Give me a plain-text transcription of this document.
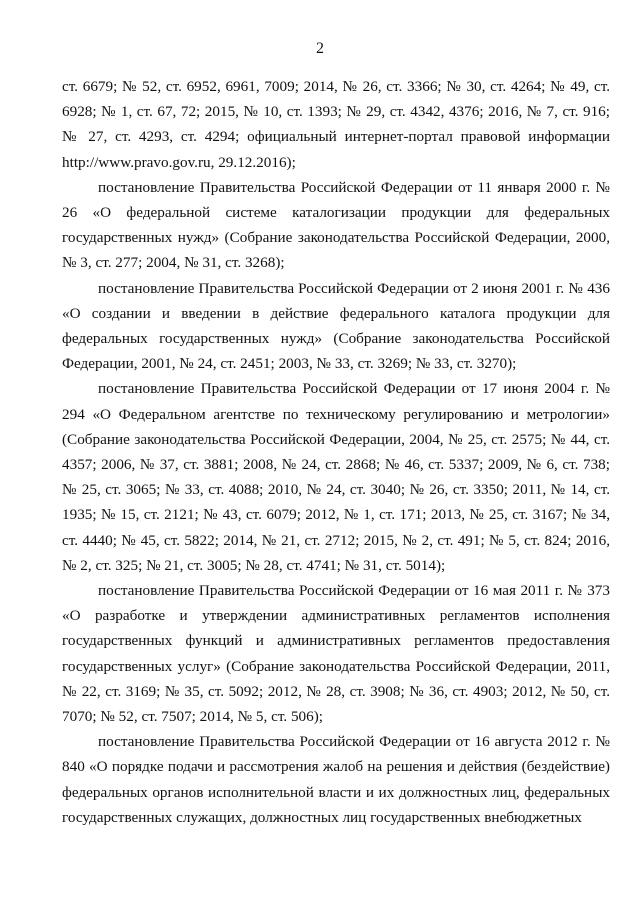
2

ст. 6679; № 52, ст. 6952, 6961, 7009; 2014, № 26, ст. 3366; № 30, ст. 4264; № 49, ст. 6928; № 1, ст. 67, 72; 2015, № 10, ст. 1393; № 29, ст. 4342, 4376; 2016, № 7, ст. 916; № 27, ст. 4293, ст. 4294; официальный интернет-портал правовой информации http://www.pravo.gov.ru, 29.12.2016);

постановление Правительства Российской Федерации от 11 января 2000 г. № 26 «О федеральной системе каталогизации продукции для федеральных государственных нужд» (Собрание законодательства Российской Федерации, 2000, № 3, ст. 277; 2004, № 31, ст. 3268);

постановление Правительства Российской Федерации от 2 июня 2001 г. № 436 «О создании и введении в действие федерального каталога продукции для федеральных государственных нужд» (Собрание законодательства Российской Федерации, 2001, № 24, ст. 2451; 2003, № 33, ст. 3269; № 33, ст. 3270);

постановление Правительства Российской Федерации от 17 июня 2004 г. № 294 «О Федеральном агентстве по техническому регулированию и метрологии» (Собрание законодательства Российской Федерации, 2004, № 25, ст. 2575; № 44, ст. 4357; 2006, № 37, ст. 3881; 2008, № 24, ст. 2868; № 46, ст. 5337; 2009, № 6, ст. 738; № 25, ст. 3065; № 33, ст. 4088; 2010, № 24, ст. 3040; № 26, ст. 3350; 2011, № 14, ст. 1935; № 15, ст. 2121; № 43, ст. 6079; 2012, № 1, ст. 171; 2013, № 25, ст. 3167; № 34, ст. 4440; № 45, ст. 5822; 2014, № 21, ст. 2712; 2015, № 2, ст. 491; № 5, ст. 824; 2016, № 2, ст. 325; № 21, ст. 3005; № 28, ст. 4741; № 31, ст. 5014);

постановление Правительства Российской Федерации от 16 мая 2011 г. № 373 «О разработке и утверждении административных регламентов исполнения государственных функций и административных регламентов предоставления государственных услуг» (Собрание законодательства Российской Федерации, 2011, № 22, ст. 3169; № 35, ст. 5092; 2012, № 28, ст. 3908; № 36, ст. 4903; 2012, № 50, ст. 7070; № 52, ст. 7507; 2014, № 5, ст. 506);

постановление Правительства Российской Федерации от 16 августа 2012 г. № 840 «О порядке подачи и рассмотрения жалоб на решения и действия (бездействие) федеральных органов исполнительной власти и их должностных лиц, федеральных государственных служащих, должностных лиц государственных внебюджетных
